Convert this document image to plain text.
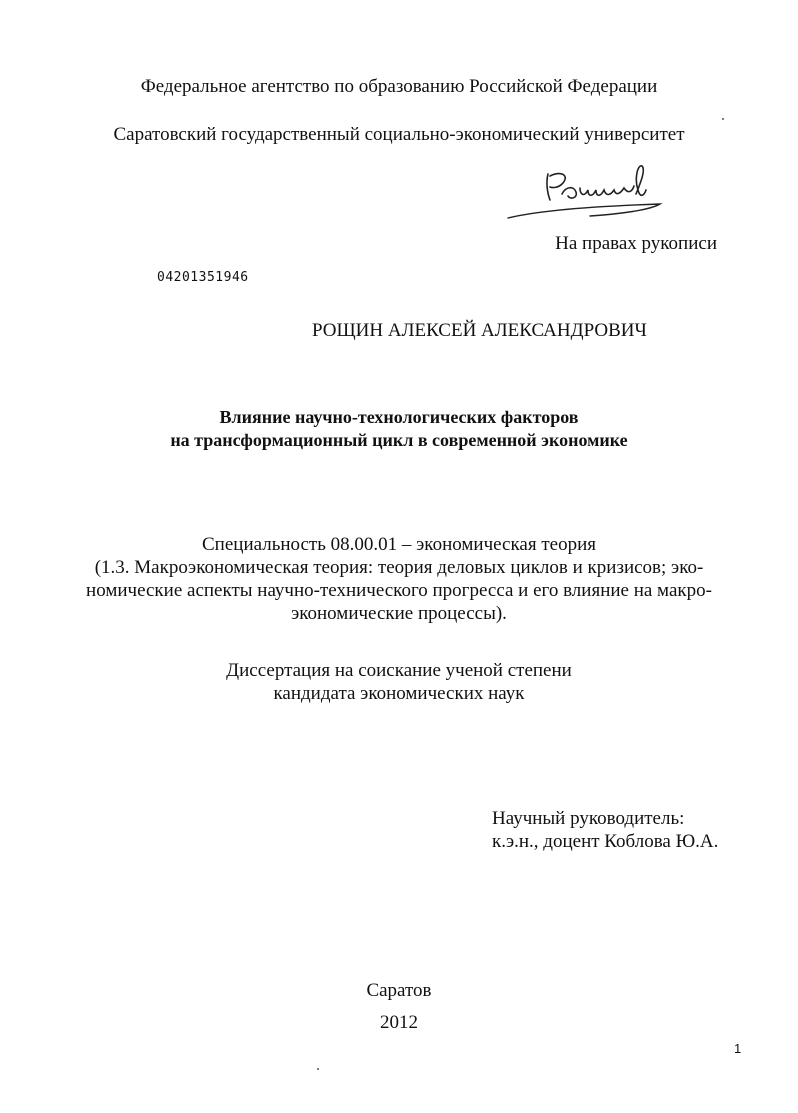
Федеральное агентство по образованию Российской Федерации
Саратовский государственный социально-экономический университет
На правах рукописи
04201351946
РОЩИН АЛЕКСЕЙ АЛЕКСАНДРОВИЧ
Влияние научно-технологических факторов
на трансформационный цикл в современной экономике
Специальность 08.00.01 – экономическая теория
(1.3. Макроэкономическая теория: теория деловых циклов и кризисов; эко-
номические аспекты научно-технического прогресса и его влияние на макро-
экономические процессы).
Диссертация на соискание ученой степени
кандидата экономических наук
Научный руководитель:
к.э.н., доцент Коблова Ю.А.
Саратов
2012
1
